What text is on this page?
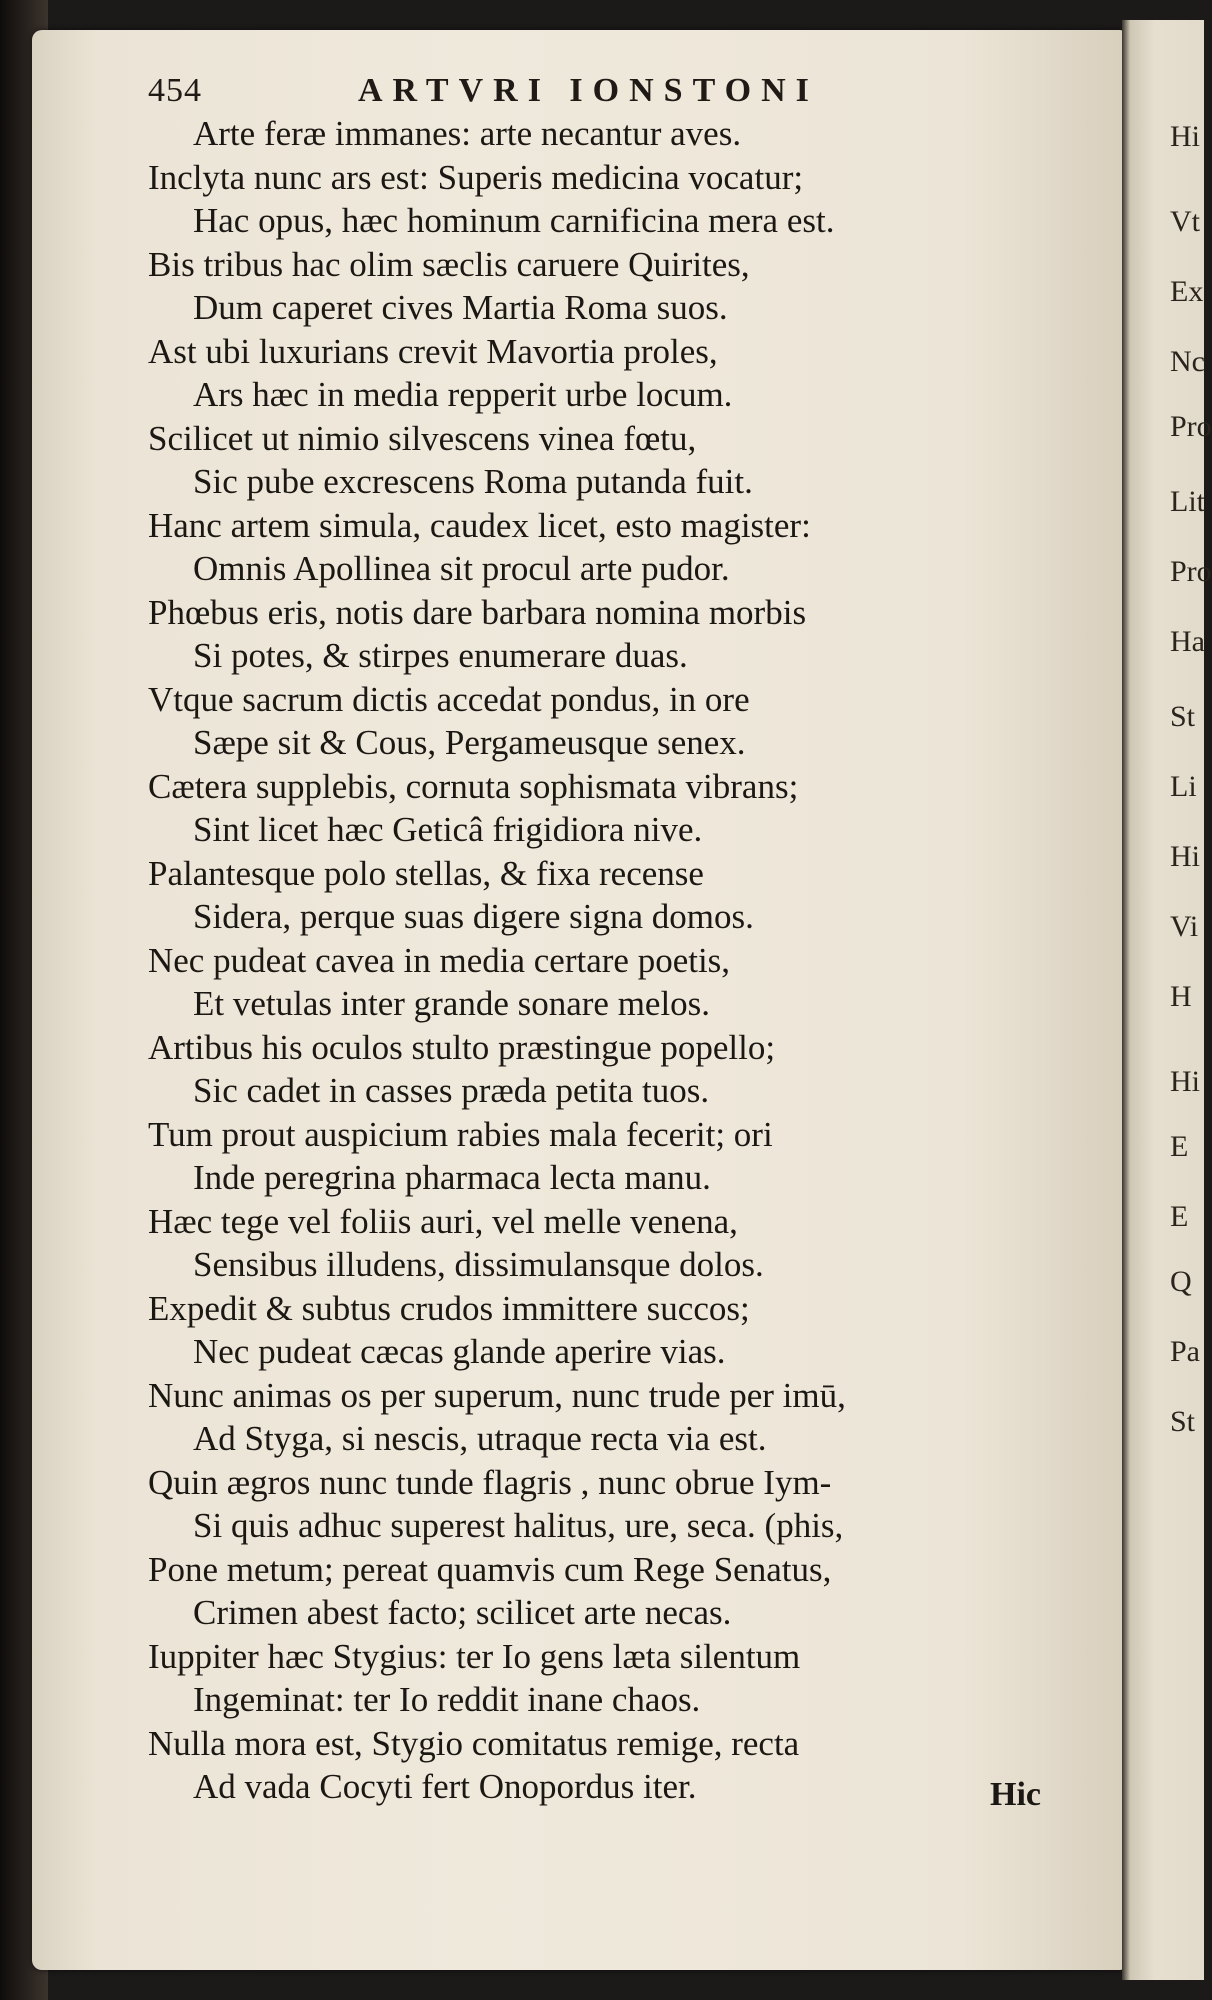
Hi
Vt
Ex
Nc
Pro
Lit
Pro
Ha
St
Li
Hi
Vi
H
Hi
E
E
Q
Pa
St
454	ARTVRI IONSTONI
Arte feræ immanes: arte necantur aves.
Inclyta nunc ars est: Superis medicina vocatur;
Hac opus, hæc hominum carnificina mera est.
Bis tribus hac olim sæclis caruere Quirites,
Dum caperet cives Martia Roma suos.
Ast ubi luxurians crevit Mavortia proles,
Ars hæc in media repperit urbe locum.
Scilicet ut nimio silvescens vinea fœtu,
Sic pube excrescens Roma putanda fuit.
Hanc artem simula, caudex licet, esto magister:
Omnis Apollinea sit procul arte pudor.
Phœbus eris, notis dare barbara nomina morbis
Si potes, & stirpes enumerare duas.
Vtque sacrum dictis accedat pondus, in ore
Sæpe sit & Cous, Pergameusque senex.
Cætera supplebis, cornuta sophismata vibrans;
Sint licet hæc Geticâ frigidiora nive.
Palantesque polo stellas, & fixa recense
Sidera, perque suas digere signa domos.
Nec pudeat cavea in media certare poetis,
Et vetulas inter grande sonare melos.
Artibus his oculos stulto præstingue popello;
Sic cadet in casses præda petita tuos.
Tum prout auspicium rabies mala fecerit; ori
Inde peregrina pharmaca lecta manu.
Hæc tege vel foliis auri, vel melle venena,
Sensibus illudens, dissimulansque dolos.
Expedit & subtus crudos immittere succos;
Nec pudeat cæcas glande aperire vias.
Nunc animas os per superum, nunc trude per imū,
Ad Styga, si nescis, utraque recta via est.
Quin ægros nunc tunde flagris , nunc obrue Iym-
Si quis adhuc superest halitus, ure, seca. (phis,
Pone metum; pereat quamvis cum Rege Senatus,
Crimen abest facto; scilicet arte necas.
Iuppiter hæc Stygius: ter Io gens læta silentum
Ingeminat: ter Io reddit inane chaos.
Nulla mora est, Stygio comitatus remige, recta
Ad vada Cocyti fert Onopordus iter.	Hic
